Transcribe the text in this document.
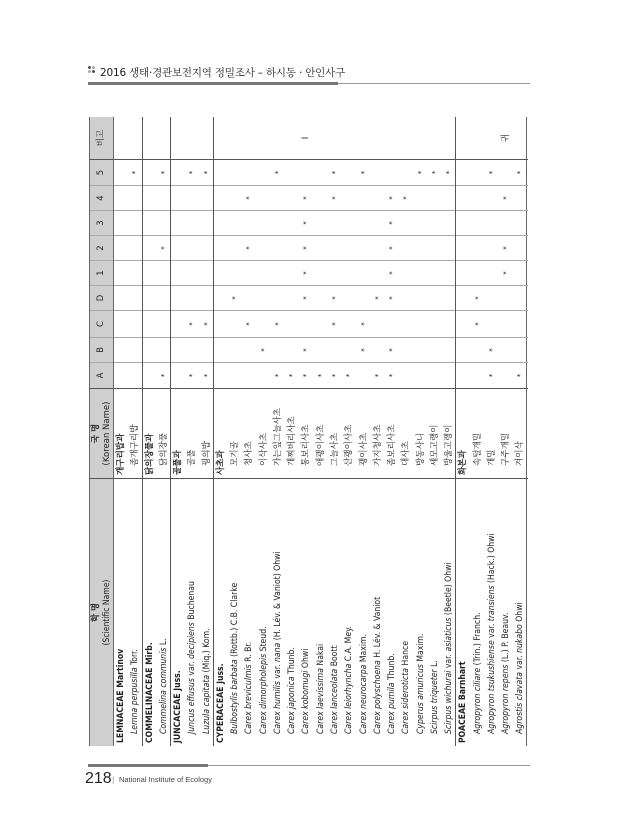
2016 생태·경관보전지역 정밀조사 – 하시동 · 안인사구
학 명 (Scientific Name)
국 명 (Korean Name)
A
B
C
D
1
2
3
4
5
비고
LEMNACEAE Martinov
개구리밥과
Lemna perpusilla Torr.
좀개구리밥
*
COMMELINACEAE Mirb.
닭의장풀과
Commelina communis L.
닭의장풀
*
*
*
JUNCACEAE Juss.
골풀과
Juncus effusus var. decipiens Buchenau
골풀
*
*
*
Luzula capitata (Miq.) Kom.
꿩의밥
*
*
*
CYPERACEAE Juss.
사초과
Bulbostylis barbata (Rottb.) C.B. Clarke
모기골
*
Carex breviculmis R. Br.
청사초
*
*
*
Carex dimorpholepis Steud.
이삭사초
*
Carex humilis var. nana (H. Lév. & Vaniot) Ohwi
가는잎그늘사초
*
*
*
Carex japonica Thunb.
개찌버리사초
*
Carex kobomugi Ohwi
통보리사초
*
*
*
*
*
*
*
I
Carex laevissima Nakai
애괭이사초
*
Carex lanceolata Boott
그늘사초
*
*
*
*
*
Carex leiorhyncha C.A. Mey.
산괭이사초
*
Carex neurocarpa Maxim.
괭이사초
*
*
*
Carex polyschoena H. Lév. & Vaniot
가지청사초
*
*
Carex pumila Thunb.
좀보리사초
*
*
*
*
*
*
*
Carex sideroticta Hance
대사초
*
Cyperus amuricus Maxim.
방동사니
*
Scirpus triqueter L.
세모고랭이
*
Scirpus wichurai var. asiaticus (Beetle) Ohwi
방울고랭이
*
POACEAE Barnhart
화본과
Agropyron ciliare (Trin.) Franch.
속털개밀
*
*
Agropyron tsukushiense var. transiens (Hack.) Ohwi
개밀
*
*
*
Agropyron repens (L.) P. Beauv.
구주개밀
*
*
*
귀
Agrostis clavata var. nukabo Ohwi
겨이삭
*
*
218 | National Institute of Ecology
